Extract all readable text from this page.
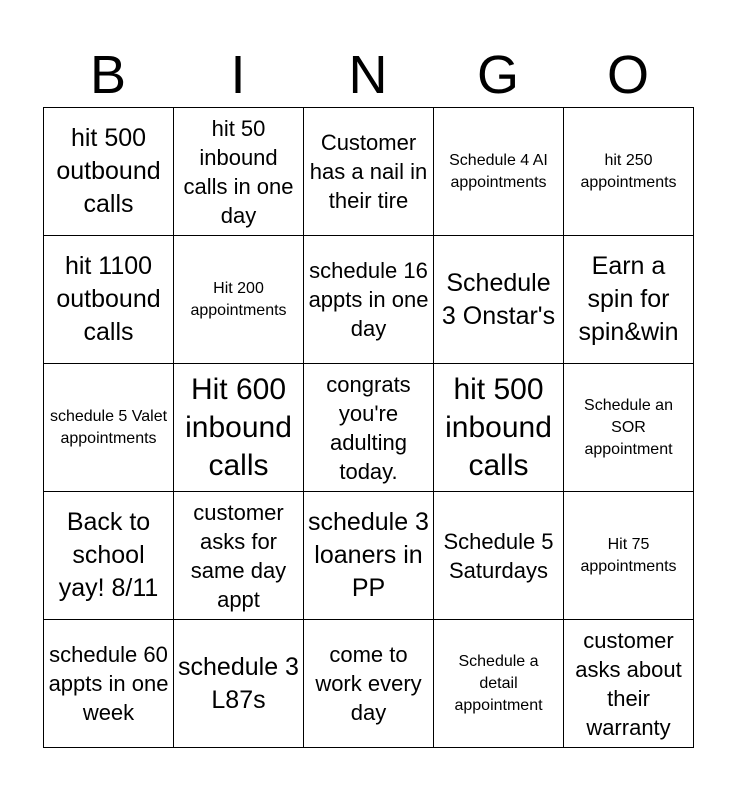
B	I	N	G	O
hit 500 outbound calls	hit 50 inbound calls in one day	Customer has a nail in their tire	Schedule 4 AI appointments	hit 250 appointments
hit 1100 outbound calls	Hit 200 appointments	schedule 16 appts in one day	Schedule 3 Onstar's	Earn a spin for spin&win
schedule 5 Valet appointments	Hit 600 inbound calls	congrats you're adulting today.	hit 500 inbound calls	Schedule an SOR appointment
Back to school yay! 8/11	customer asks for same day appt	schedule 3 loaners in PP	Schedule 5 Saturdays	Hit 75 appointments
schedule 60 appts in one week	schedule 3 L87s	come to work every day	Schedule a detail appointment	customer asks about their warranty
